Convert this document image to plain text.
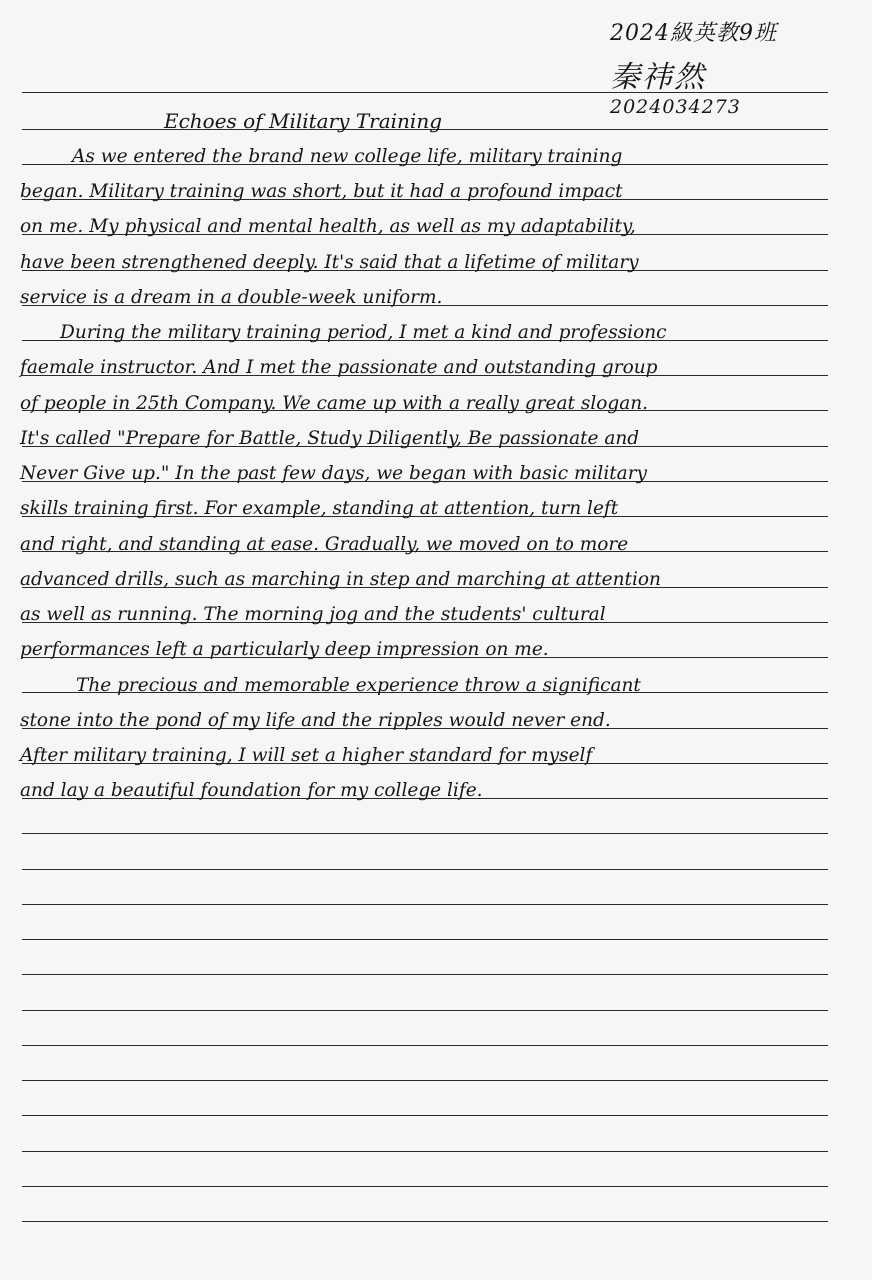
2024級英教9班
秦祎然
2024034273
Echoes of Military Training
As we entered the brand new college life, military training
began. Military training was short, but it had a profound impact
on me. My physical and mental health, as well as my adaptability,
have been strengthened deeply. It's said that a lifetime of military
service is a dream in a double-week uniform.
During the military training period, I met a kind and professionc
faemale instructor. And I met the passionate and outstanding group
of people in 25th Company. We came up with a really great slogan.
It's called "Prepare for Battle, Study Diligently, Be passionate and
Never Give up." In the past few days, we began with basic military
skills training first. For example, standing at attention, turn left
and right, and standing at ease. Gradually, we moved on to more
advanced drills, such as marching in step and marching at attention
as well as running. The morning jog and the students' cultural
performances left a particularly deep impression on me.
The precious and memorable experience throw a significant
stone into the pond of my life and the ripples would never end.
After military training, I will set a higher standard for myself
and lay a beautiful foundation for my college life.
